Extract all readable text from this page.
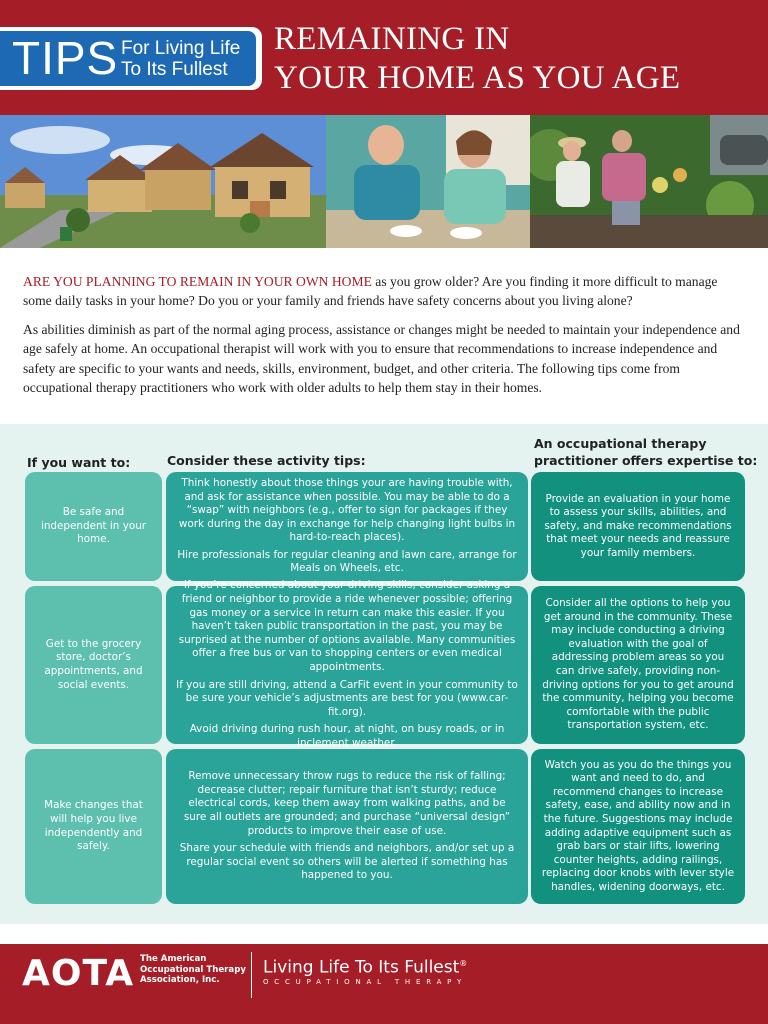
TIPS For Living Life
To Its Fullest
REMAINING IN
YOUR HOME AS YOU AGE

ARE YOU PLANNING TO REMAIN IN YOUR OWN HOME as you grow older? Are you finding it more difficult to manage some daily tasks in your home? Do you or your family and friends have safety concerns about you living alone?

As abilities diminish as part of the normal aging process, assistance or changes might be needed to maintain your independence and age safely at home. An occupational therapist will work with you to ensure that recommendations to increase independence and safety are specific to your wants and needs, skills, environment, budget, and other criteria. The following tips come from occupational therapy practitioners who work with older adults to help them stay in their homes.

If you want to:	Consider these activity tips:
An occupational therapy
practitioner offers expertise to:

Be safe and independent in your home.

Think honestly about those things your are having trouble with, and ask for assistance when possible. You may be able to do a “swap” with neighbors (e.g., offer to sign for packages if they work during the day in exchange for help changing light bulbs in hard-to-reach places).

Hire professionals for regular cleaning and lawn care, arrange for Meals on Wheels, etc.

Provide an evaluation in your home to assess your skills, abilities, and safety, and make recommendations that meet your needs and reassure your family members.

Get to the grocery store, doctor’s appointments, and social events.

If you’re concerned about your driving skills, consider asking a friend or neighbor to provide a ride whenever possible; offering gas money or a service in return can make this easier. If you haven’t taken public transportation in the past, you may be surprised at the number of options available. Many communities offer a free bus or van to shopping centers or even medical appointments.

If you are still driving, attend a CarFit event in your community to be sure your vehicle’s adjustments are best for you (www.car-fit.org).

Avoid driving during rush hour, at night, on busy roads, or in inclement weather.

Consider all the options to help you get around in the community. These may include conducting a driving evaluation with the goal of addressing problem areas so you can drive safely, providing non-driving options for you to get around the community, helping you become comfortable with the public transportation system, etc.

Make changes that will help you live independently and safely.

Remove unnecessary throw rugs to reduce the risk of falling; decrease clutter; repair furniture that isn’t sturdy; reduce electrical cords, keep them away from walking paths, and be sure all outlets are grounded; and purchase “universal design” products to improve their ease of use.

Share your schedule with friends and neighbors, and/or set up a regular social event so others will be alerted if something has happened to you.

Watch you as you do the things you want and need to do, and recommend changes to increase safety, ease, and ability now and in the future. Suggestions may include adding adaptive equipment such as grab bars or stair lifts, lowering counter heights, adding railings, replacing door knobs with lever style handles, widening doorways, etc.

AOTA The American
Occupational Therapy
Association, Inc.
Living Life To Its Fullest®
OCCUPATIONAL THERAPY
